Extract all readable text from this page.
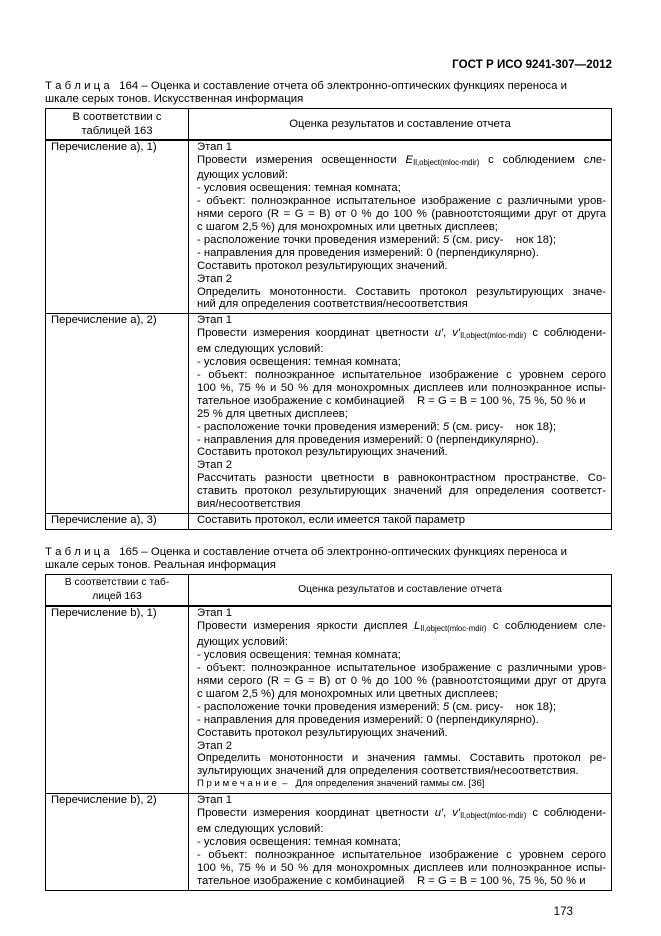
ГОСТ Р ИСО 9241-307—2012
Т а б л и ц а   164 – Оценка и составление отчета об электронно-оптических функциях переноса и
шкале серых тонов. Искусственная информация
В соответствии с
таблицей 163	Оценка результатов и составление отчета

Перечисление а), 1)	Этап 1
Провести измерения освещенности $E_{Il,object(mloc-mdir)}$ с соблюдением сле-
дующих условий:
- условия освещения: темная комната;
- объект: полноэкранное испытательное изображение с различными уров-
нями серого (R = G = B) от 0 % до 100 % (равноотстоящими друг от друга
с шагом 2,5 %) для монохромных или цветных дисплеев;
- расположение точки проведения измерений: 5 (см. рису-    нок 18);
- направления для проведения измерений: 0 (перпендикулярно).
Составить протокол результирующих значений.
Этап 2
Определить монотонности. Составить протокол результирующих значе-
ний для определения соответствия/несоответствия

Перечисление а), 2)	Этап 1
Провести измерения координат цветности u′, $v'_{Il,object(mloc-mdir)}$ с соблюдени-
ем следующих условий:
- условия освещения: темная комната;
- объект: полноэкранное испытательное изображение с уровнем серого
100 %, 75 % и 50 % для монохромных дисплеев или полноэкранное испы-
тательное изображение с комбинацией    R = G = B = 100 %, 75 %, 50 % и
25 % для цветных дисплеев;
- расположение точки проведения измерений: 5 (см. рису-    нок 18);
- направления для проведения измерений: 0 (перпендикулярно).
Составить протокол результирующих значений.
Этап 2
Рассчитать разности цветности в равноконтрастном пространстве. Со-
ставить протокол результирующих значений для определения соответст-
вия/несоответствия

Перечисление а), 3)	Составить протокол, если имеется такой параметр
Т а б л и ц а   165 – Оценка и составление отчета об электронно-оптических функциях переноса и
шкале серых тонов. Реальная информация
В соответствии с таб-
лицей 163	Оценка результатов и составление отчета

Перечисление b), 1)	Этап 1
Провести измерения яркости дисплея $L_{Il,object(mloc-mdir)}$ с соблюдением сле-
дующих условий:
- условия освещения: темная комната;
- объект: полноэкранное испытательное изображение с различными уров-
нями серого (R = G = B) от 0 % до 100 % (равноотстоящими друг от друга
с шагом 2,5 %) для монохромных или цветных дисплеев;
- расположение точки проведения измерений: 5 (см. рису-    нок 18);
- направления для проведения измерений: 0 (перпендикулярно).
Составить протокол результирующих значений.
Этап 2
Определить монотонности и значения гаммы. Составить протокол ре-
зультирующих значений для определения соответствия/несоответствия.
П р и м е ч а н и е  –   Для определения значений гаммы см. [36]

Перечисление b), 2)	Этап 1
Провести измерения координат цветности u′, $v'_{Il,object(mloc-mdir)}$ с соблюдени-
ем следующих условий:
- условия освещения: темная комната;
- объект: полноэкранное испытательное изображение с уровнем серого
100 %, 75 % и 50 % для монохромных дисплеев или полноэкранное испы-
тательное изображение с комбинацией    R = G = B = 100 %, 75 %, 50 % и
173
